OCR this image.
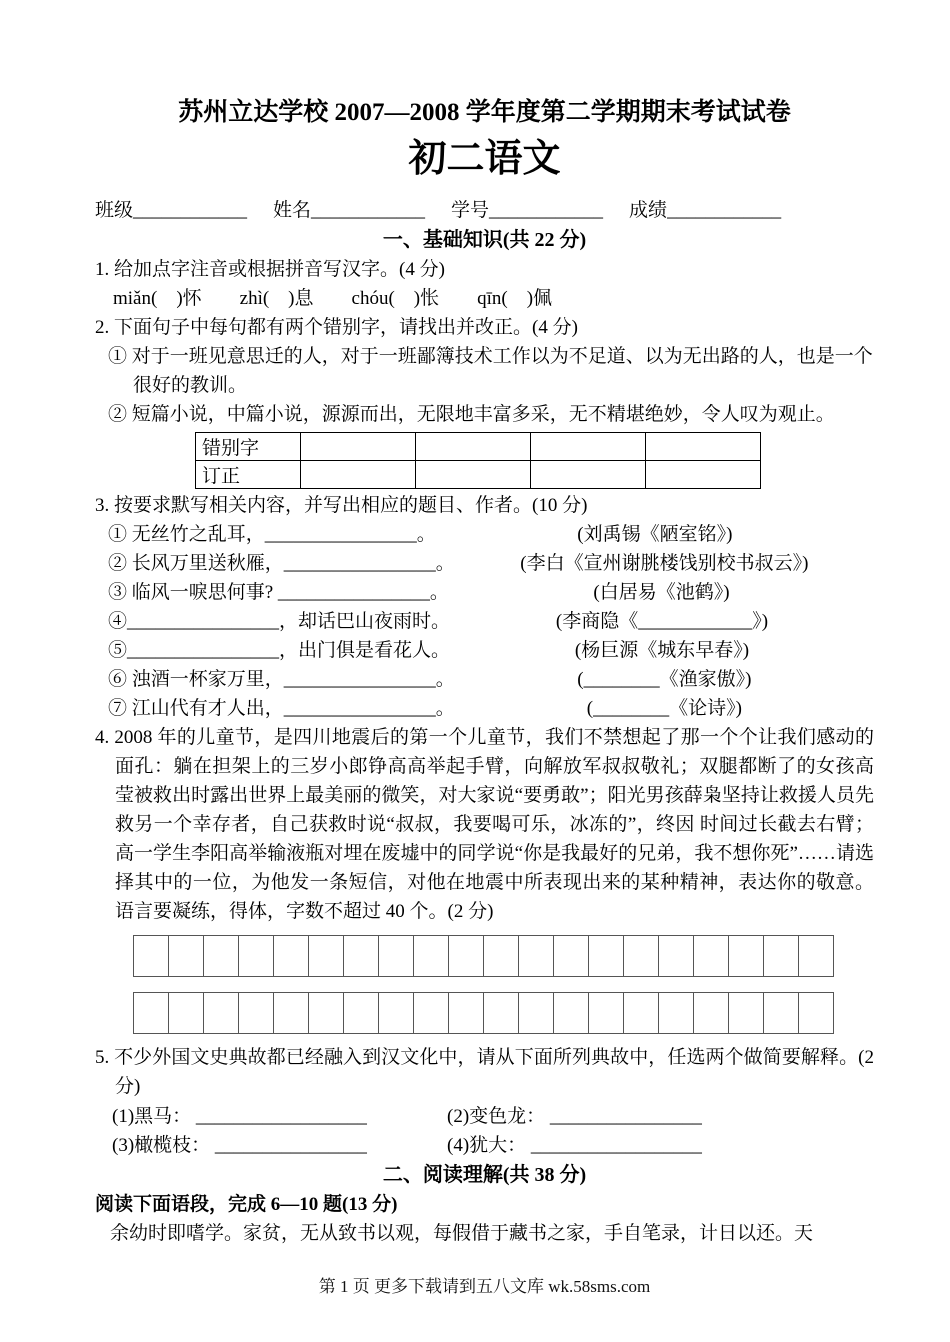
苏州立达学校 2007—2008 学年度第二学期期末考试试卷
初二语文
班级____________ 姓名____________ 学号____________ 成绩____________
一、基础知识(共 22 分)
1. 给加点字注音或根据拼音写汉字。(4 分)
miǎn(　)怀　　zhì(　)息　　chóu(　)怅　　qīn(　)佩
2. 下面句子中每句都有两个错别字，请找出并改正。(4 分)
① 对于一班见意思迁的人，对于一班鄙簿技术工作以为不足道、以为无出路的人，也是一个很好的教训。
② 短篇小说，中篇小说，源源而出，无限地丰富多采，无不精堪绝妙，令人叹为观止。
错别字				
订正				
3. 按要求默写相关内容，并写出相应的题目、作者。(10 分)
① 无丝竹之乱耳，________________。	(刘禹锡《陋室铭》)
② 长风万里送秋雁，________________。	(李白《宣州谢朓楼饯别校书叔云》)
③ 临风一唳思何事? ________________。	(白居易《池鹤》)
④________________，却话巴山夜雨时。	(李商隐《____________》)
⑤________________，出门俱是看花人。	(杨巨源《城东早春》)
⑥ 浊酒一杯家万里，________________。	(________《渔家傲》)
⑦ 江山代有才人出，________________。	(________《论诗》)
4. 2008 年的儿童节，是四川地震后的第一个儿童节，我们不禁想起了那一个个让我们感动的面孔：躺在担架上的三岁小郎铮高高举起手臂，向解放军叔叔敬礼；双腿都断了的女孩高莹被救出时露出世界上最美丽的微笑，对大家说“要勇敢”；阳光男孩薛枭坚持让救援人员先救另一个幸存者，自己获救时说“叔叔，我要喝可乐，冰冻的”，终因 时间过长截去右臂；高一学生李阳高举输液瓶对埋在废墟中的同学说“你是我最好的兄弟，我不想你死”……请选择其中的一位，为他发一条短信，对他在地震中所表现出来的某种精神，表达你的敬意。语言要凝练，得体，字数不超过 40 个。(2 分)
5. 不少外国文史典故都已经融入到汉文化中，请从下面所列典故中，任选两个做简要解释。(2 分)
(1)黑马： __________________	(2)变色龙： ________________
(3)橄榄枝： ________________	(4)犹大： __________________
二、阅读理解(共 38 分)
阅读下面语段，完成 6—10 题(13 分)
余幼时即嗜学。家贫，无从致书以观，每假借于藏书之家，手自笔录，计日以还。天
第 1 页 更多下载请到五八文库 wk.58sms.com
